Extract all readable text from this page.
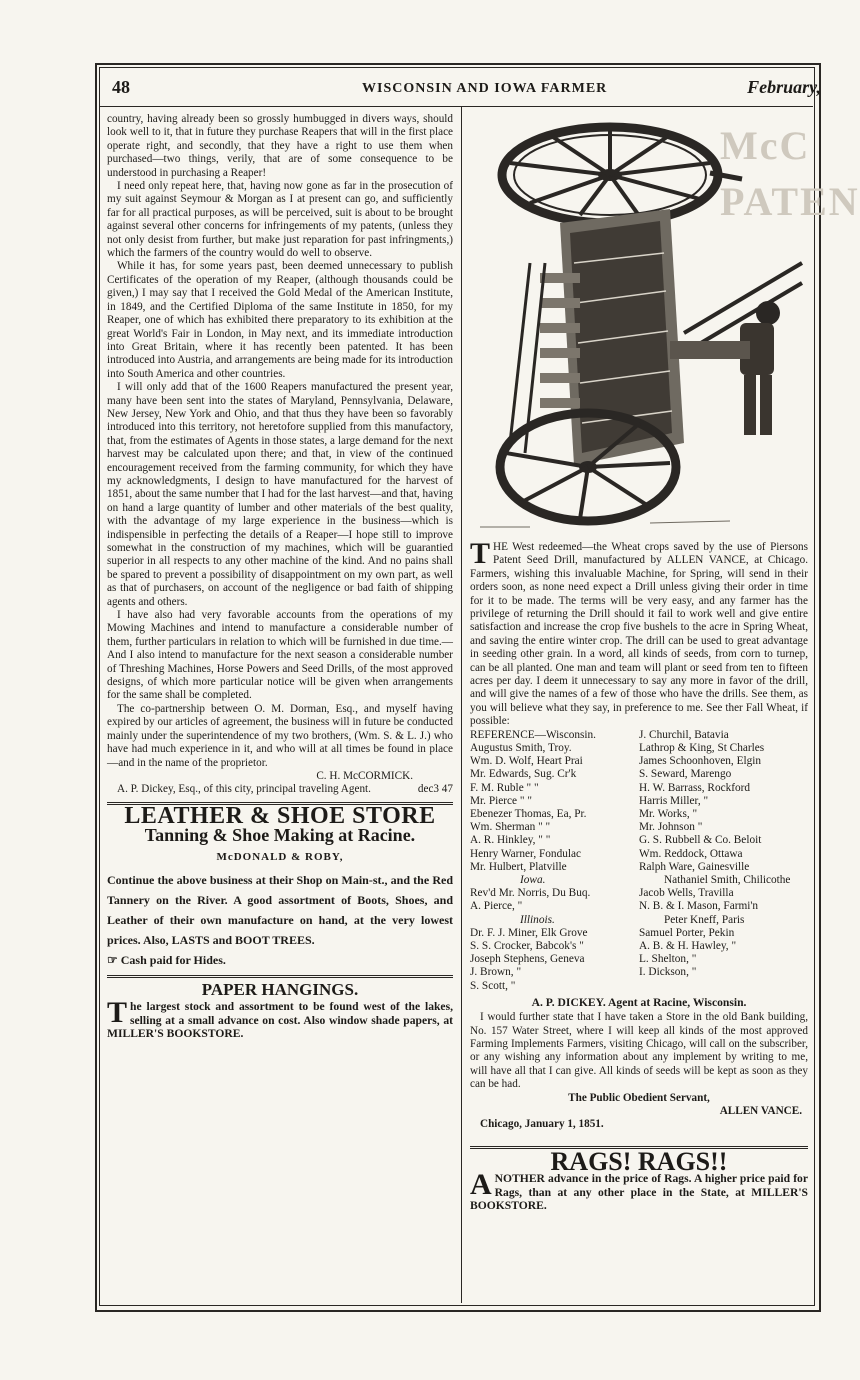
48	WISCONSIN AND IOWA FARMER	February,

country, having already been so grossly humbugged in divers ways, should look well to it, that in future they purchase Reapers that will in the first place operate right, and secondly, that they have a right to use them when purchased—two things, verily, that are of some consequence to be understood in purchasing a Reaper!

I need only repeat here, that, having now gone as far in the prosecution of my suit against Seymour & Morgan as I at present can go, and sufficiently far for all practical purposes, as will be perceived, suit is about to be brought against several other concerns for infringements of my patents, (unless they not only desist from further, but make just reparation for past infringments,) which the farmers of the country would do well to observe.

While it has, for some years past, been deemed unnecessary to publish Certificates of the operation of my Reaper, (although thousands could be given,) I may say that I received the Gold Medal of the American Institute, in 1849, and the Certified Diploma of the same Institute in 1850, for my Reaper, one of which has exhibited there preparatory to its exhibition at the great World's Fair in London, in May next, and its immediate introduction into Great Britain, where it has recently been patented. It has been introduced into Austria, and arrangements are being made for its introduction into South America and other countries.

I will only add that of the 1600 Reapers manufactured the present year, many have been sent into the states of Maryland, Pennsylvania, Delaware, New Jersey, New York and Ohio, and that thus they have been so favorably introduced into this territory, not heretofore supplied from this manufactory, that, from the estimates of Agents in those states, a large demand for the next harvest may be calculated upon there; and that, in view of the continued encouragement received from the farming community, for which they have my acknowledgments, I design to have manufactured for the harvest of 1851, about the same number that I had for the last harvest—and that, having on hand a large quantity of lumber and other materials of the best quality, with the advantage of my large experience in the business—which is indispensible in perfecting the details of a Reaper—I hope still to improve somewhat in the construction of my machines, which will be guarantied superior in all respects to any other machine of the kind. And no pains shall be spared to prevent a possibility of disappointment on my own part, as well as that of purchasers, on account of the negligence or bad faith of shipping agents and others.

I have also had very favorable accounts from the operations of my Mowing Machines and intend to manufacture a considerable number of them, further particulars in relation to which will be furnished in due time.—And I also intend to manufacture for the next season a considerable number of Threshing Machines, Horse Powers and Seed Drills, of the most approved designs, of which more particular notice will be given when arrangements for the same shall be completed.

The co-partnership between O. M. Dorman, Esq., and myself having expired by our articles of agreement, the business will in future be conducted mainly under the superintendence of my two brothers, (Wm. S. & L. J.) who have had much experience in it, and who will at all times be found in place—and in the name of the proprietor.

C. H. McCORMICK.

A. P. Dickey, Esq., of this city, principal traveling Agent.	dec3 47

LEATHER & SHOE STORE
Tanning & Shoe Making at Racine.
McDONALD & ROBY,
Continue the above business at their Shop on Main-st., and the Red Tannery on the River. A good assortment of Boots, Shoes, and Leather of their own manufacture on hand, at the very lowest prices. Also, LASTS and BOOT TREES.
☞ Cash paid for Hides.
PAPER HANGINGS.
The largest stock and assortment to be found west of the lakes, selling at a small advance on cost. Also window shade papers, at MILLER'S BOOKSTORE.
McC
PATEN

THE West redeemed—the Wheat crops saved by the use of Piersons Patent Seed Drill, manufactured by ALLEN VANCE, at Chicago. Farmers, wishing this invaluable Machine, for Spring, will send in their orders soon, as none need expect a Drill unless giving their order in time for it to be made. The terms will be very easy, and any farmer has the privilege of returning the Drill should it fail to work well and give entire satisfaction and increase the crop five bushels to the acre in Spring Wheat, and saving the entire winter crop. The drill can be used to great advantage in seeding other grain. In a word, all kinds of seeds, from corn to turnep, can be all planted. One man and team will plant or seed from ten to fifteen acres per day. I deem it unnecessary to say any more in favor of the drill, and will give the names of a few of those who have the drills. See them, as you will believe what they say, in preference to me. See ther Fall Wheat, if possible:

REFERENCE—Wisconsin.	J. Churchil, Batavia
Augustus Smith, Troy.	Lathrop & King, St Charles
Wm. D. Wolf, Heart Prai	James Schoonhoven, Elgin
Mr. Edwards, Sug. Cr'k	S. Seward, Marengo
F. M. Ruble " "	H. W. Barrass, Rockford
Mr. Pierce " "	Harris Miller, "
Ebenezer Thomas, Ea, Pr.	Mr. Works, "
Wm. Sherman " "	Mr. Johnson "
A. R. Hinkley, " "	G. S. Rubbell & Co. Beloit
Henry Warner, Fondulac	Wm. Reddock, Ottawa
Mr. Hulbert, Platville	Ralph Ware, Gainesville
Iowa.	Nathaniel Smith, Chilicothe
Rev'd Mr. Norris, Du Buq.	Jacob Wells, Travilla
A. Pierce, "	N. B. & I. Mason, Farmi'n
Illinois.	Peter Kneff, Paris
Dr. F. J. Miner, Elk Grove	Samuel Porter, Pekin
S. S. Crocker, Babcok's "	A. B. & H. Hawley, "
Joseph Stephens, Geneva	L. Shelton, "
J. Brown, "	I. Dickson, "
S. Scott, "
A. P. DICKEY. Agent at Racine, Wisconsin.

I would further state that I have taken a Store in the old Bank building, No. 157 Water Street, where I will keep all kinds of the most approved Farming Implements Farmers, visiting Chicago, will call on the subscriber, or any wishing any information about any implement by writing to me, will have all that I can give. All kinds of seeds will be kept as soon as they can be had.

The Public Obedient Servant,
ALLEN VANCE.
Chicago, January 1, 1851.
RAGS! RAGS!!
ANOTHER advance in the price of Rags. A higher price paid for Rags, than at any other place in the State, at MILLER'S BOOKSTORE.
